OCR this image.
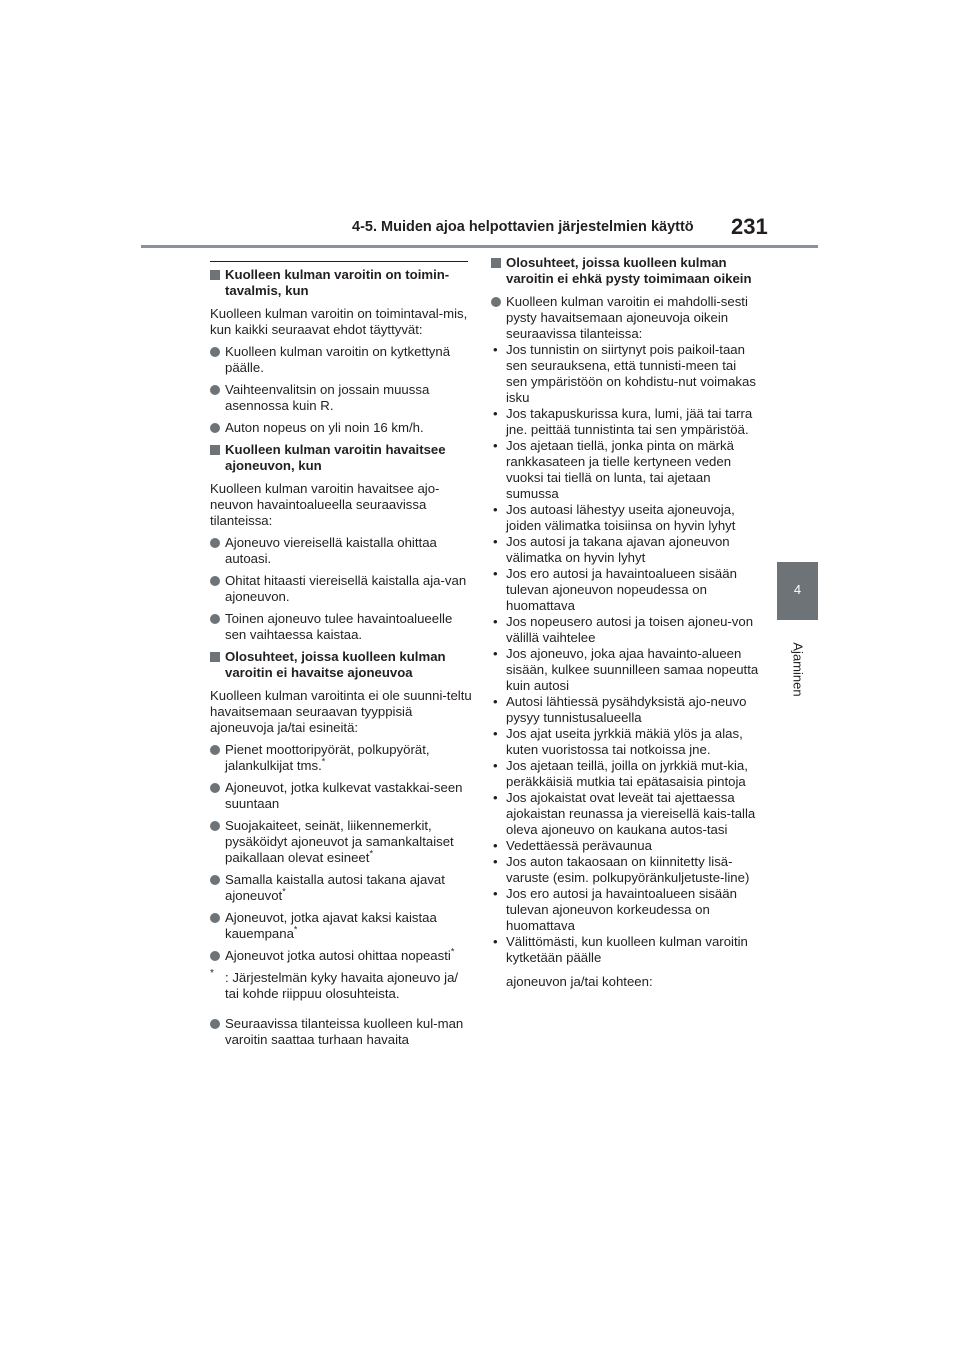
4-5. Muiden ajoa helpottavien järjestelmien käyttö 231
4
Ajaminen
Kuolleen kulman varoitin on toimin-tavalmis, kun
Kuolleen kulman varoitin on toimintaval-mis, kun kaikki seuraavat ehdot täyttyvät:
Kuolleen kulman varoitin on kytkettynä päälle.
Vaihteenvalitsin on jossain muussa asennossa kuin R.
Auton nopeus on yli noin 16 km/h.
Kuolleen kulman varoitin havaitsee ajoneuvon, kun
Kuolleen kulman varoitin havaitsee ajo-neuvon havaintoalueella seuraavissa tilanteissa:
Ajoneuvo viereisellä kaistalla ohittaa autoasi.
Ohitat hitaasti viereisellä kaistalla aja-van ajoneuvon.
Toinen ajoneuvo tulee havaintoalueelle sen vaihtaessa kaistaa.
Olosuhteet, joissa kuolleen kulman varoitin ei havaitse ajoneuvoa
Kuolleen kulman varoitinta ei ole suunni-teltu havaitsemaan seuraavan tyyppisiä ajoneuvoja ja/tai esineitä:
Pienet moottoripyörät, polkupyörät, jalankulkijat tms.*
Ajoneuvot, jotka kulkevat vastakkai-seen suuntaan
Suojakaiteet, seinät, liikennemerkit, pysäköidyt ajoneuvot ja samankaltaiset paikallaan olevat esineet*
Samalla kaistalla autosi takana ajavat ajoneuvot*
Ajoneuvot, jotka ajavat kaksi kaistaa kauempana*
Ajoneuvot jotka autosi ohittaa nopeasti*
* : Järjestelmän kyky havaita ajoneuvo ja/ tai kohde riippuu olosuhteista.
Seuraavissa tilanteissa kuolleen kul-man varoitin saattaa turhaan havaita
Olosuhteet, joissa kuolleen kulman varoitin ei ehkä pysty toimimaan oikein
Kuolleen kulman varoitin ei mahdolli-sesti pysty havaitsemaan ajoneuvoja oikein seuraavissa tilanteissa:
• Jos tunnistin on siirtynyt pois paikoil-taan sen seurauksena, että tunnisti-meen tai sen ympäristöön on kohdistu-nut voimakas isku
• Jos takapuskurissa kura, lumi, jää tai tarra jne. peittää tunnistinta tai sen ympäristöä.
• Jos ajetaan tiellä, jonka pinta on märkä rankkasateen ja tielle kertyneen veden vuoksi tai tiellä on lunta, tai ajetaan sumussa
• Jos autoasi lähestyy useita ajoneuvoja, joiden välimatka toisiinsa on hyvin lyhyt
• Jos autosi ja takana ajavan ajoneuvon välimatka on hyvin lyhyt
• Jos ero autosi ja havaintoalueen sisään tulevan ajoneuvon nopeudessa on huomattava
• Jos nopeusero autosi ja toisen ajoneu-von välillä vaihtelee
• Jos ajoneuvo, joka ajaa havainto-alueen sisään, kulkee suunnilleen samaa nopeutta kuin autosi
• Autosi lähtiessä pysähdyksistä ajo-neuvo pysyy tunnistusalueella
• Jos ajat useita jyrkkiä mäkiä ylös ja alas, kuten vuoristossa tai notkoissa jne.
• Jos ajetaan teillä, joilla on jyrkkiä mut-kia, peräkkäisiä mutkia tai epätasaisia pintoja
• Jos ajokaistat ovat leveät tai ajettaessa ajokaistan reunassa ja viereisellä kais-talla oleva ajoneuvo on kaukana autos-tasi
• Vedettäessä perävaunua
• Jos auton takaosaan on kiinnitetty lisä-varuste (esim. polkupyöränkuljetuste-line)
• Jos ero autosi ja havaintoalueen sisään tulevan ajoneuvon korkeudessa on huomattava
• Välittömästi, kun kuolleen kulman varoitin kytketään päälle
ajoneuvon ja/tai kohteen:
